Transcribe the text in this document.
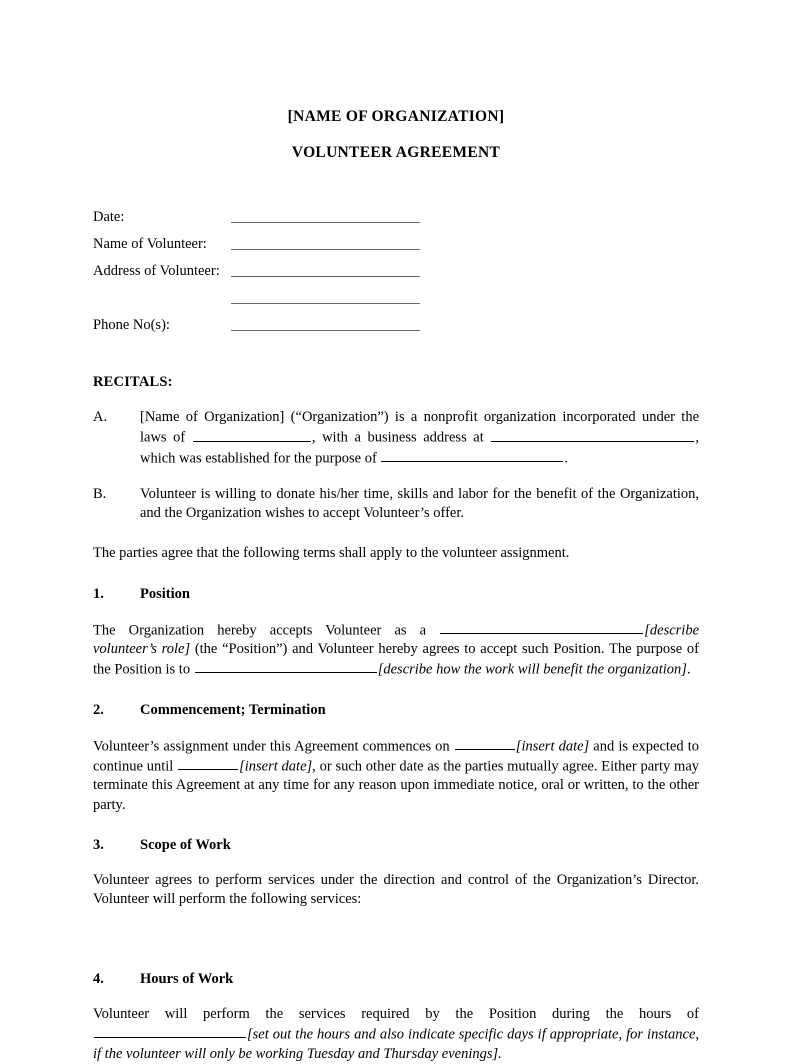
[NAME OF ORGANIZATION]
VOLUNTEER AGREEMENT
Date:
Name of Volunteer:
Address of Volunteer:
Phone No(s):
RECITALS:
A.	[Name of Organization] (“Organization”) is a nonprofit organization incorporated under the laws of	, with a business address at	, which was established for the purpose of	.
B.	Volunteer is willing to donate his/her time, skills and labor for the benefit of the Organization, and the Organization wishes to accept Volunteer’s offer.

The parties agree that the following terms shall apply to the volunteer assignment.

1.	Position

The Organization hereby accepts Volunteer as a	[describe volunteer’s role] (the “Position”) and Volunteer hereby agrees to accept such Position. The purpose of the Position is to	[describe how the work will benefit the organization].

2.	Commencement; Termination

Volunteer’s assignment under this Agreement commences on	[insert date] and is expected to continue until	[insert date], or such other date as the parties mutually agree. Either party may terminate this Agreement at any time for any reason upon immediate notice, oral or written, to the other party.

3.	Scope of Work

Volunteer agrees to perform services under the direction and control of the Organization’s Director. Volunteer will perform the following services:

4.	Hours of Work

Volunteer will perform the services required by the Position during the hours of [set out the hours and also indicate specific days if appropriate, for instance, if the volunteer will only be working Tuesday and Thursday evenings].
